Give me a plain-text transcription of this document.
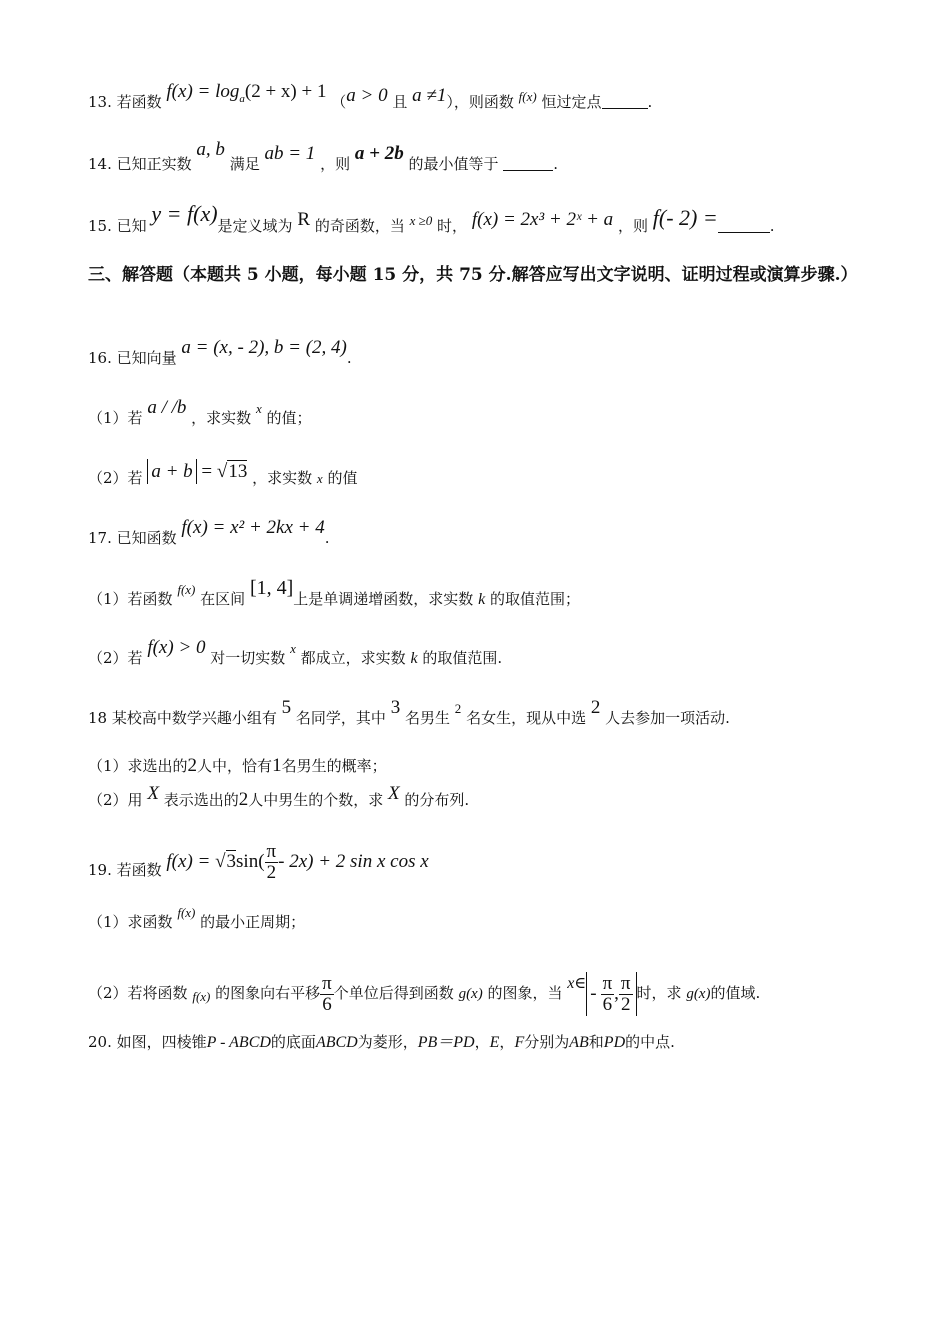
13. 若函数 $f(x) = \log_a(2 + x) + 1$ （a > 0 且 a ≠1），则函数 f(x) 恒过定点	.
14. 已知正实数 a, b 满足 ab = 1 ，则 a + 2b 的最小值等于	.
15. 已知 y = f(x)是定义域为 R 的奇函数，当 x ≥0 时， f(x) = 2x³ + 2ˣ + a ，则 f(- 2) =	.
三、解答题（本题共 5 小题，每小题 15 分，共 75 分.解答应写出文字说明、证明过程或演算步骤.）
16. 已知向量 a = (x, - 2), b = (2, 4).
（1）若 a / /b ，求实数 x 的值；
（2）若 a + b = √13 ，求实数 x 的值
17. 已知函数 f(x) = x² + 2kx + 4.
（1）若函数 f(x) 在区间 [1, 4]上是单调递增函数，求实数 k 的取值范围；
（2）若 f(x) > 0 对一切实数 x 都成立，求实数 k 的取值范围.
18 某校高中数学兴趣小组有 5 名同学，其中 3 名男生 2 名女生，现从中选 2 人去参加一项活动.
（1）求选出的2人中，恰有1名男生的概率；
（2）用 X 表示选出的2人中男生的个数，求 X 的分布列.
19. 若函数 $f(x) = √3\sin( \frac{\pi}{2} - 2x) + 2$ sin x cos x
（1）求函数 f(x) 的最小正周期；
（2）若将函数 f(x) 的图象向右平移 $\frac{\pi}{6}$ 个单位后得到函数 g(x) 的图象，当 x∈ - $\frac{\pi}{6}$ , $\frac{\pi}{2}$ 时，求 g(x)的值域.
20. 如图，四棱锥P - ABCD的底面ABCD为菱形，PB＝PD，E，F分别为AB和PD的中点.
